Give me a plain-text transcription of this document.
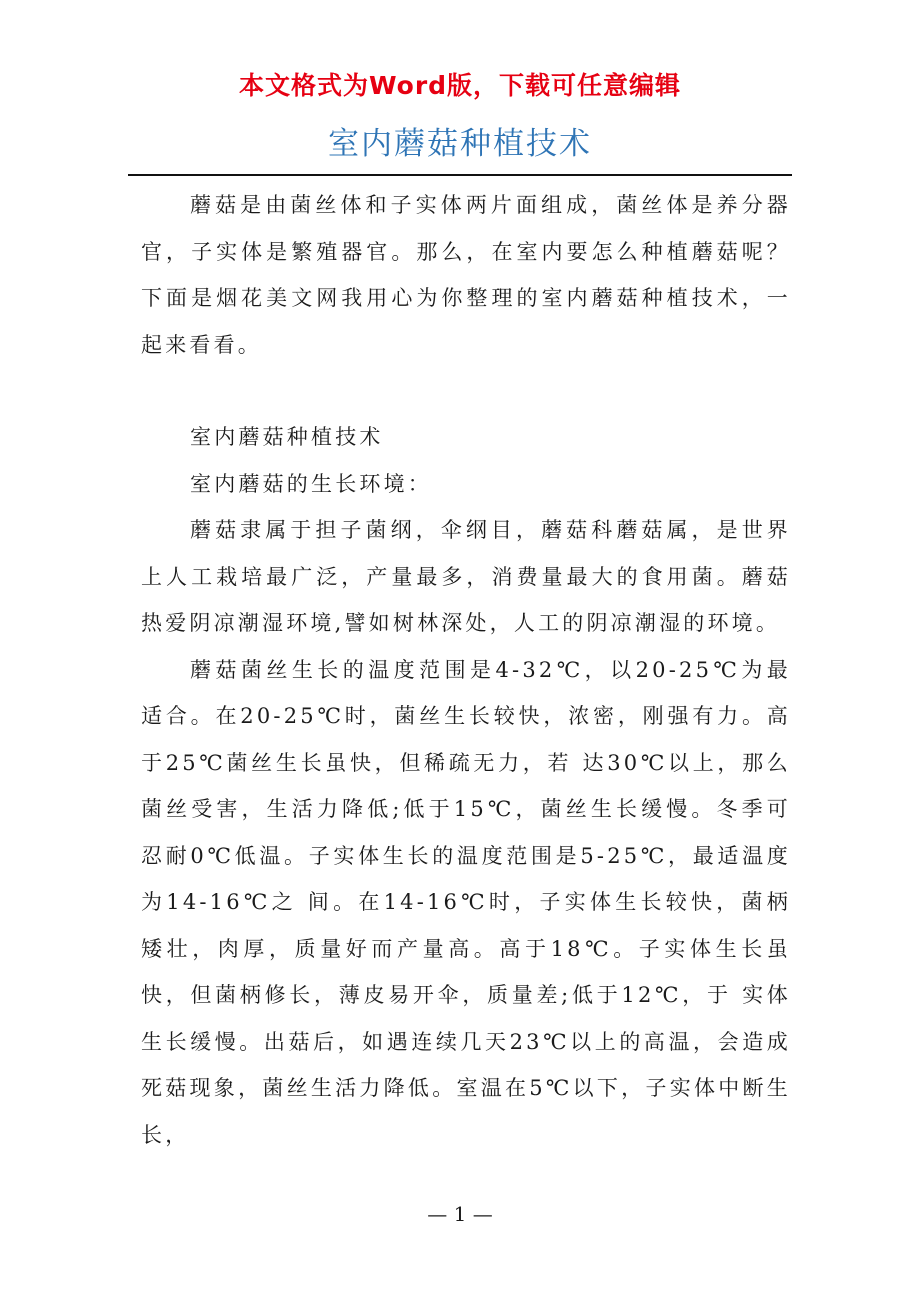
本文格式为Word版，下载可任意编辑
室内蘑菇种植技术

蘑菇是由菌丝体和子实体两片面组成，菌丝体是养分器官，子实体是繁殖器官。那么，在室内要怎么种植蘑菇呢？下面是烟花美文网我用心为你整理的室内蘑菇种植技术，一起来看看。

室内蘑菇种植技术

室内蘑菇的生长环境：

蘑菇隶属于担子菌纲，伞纲目，蘑菇科蘑菇属，是世界上人工栽培最广泛，产量最多，消费量最大的食用菌。蘑菇热爱阴凉潮湿环境,譬如树林深处，人工的阴凉潮湿的环境。

蘑菇菌丝生长的温度范围是4-32℃，以20-25℃为最适合。在20-25℃时，菌丝生长较快，浓密，刚强有力。高于25℃菌丝生长虽快，但稀疏无力，若 达30℃以上，那么菌丝受害，生活力降低;低于15℃，菌丝生长缓慢。冬季可忍耐0℃低温。子实体生长的温度范围是5-25℃，最适温度为14-16℃之 间。在14-16℃时，子实体生长较快，菌柄矮壮，肉厚，质量好而产量高。高于18℃。子实体生长虽快，但菌柄修长，薄皮易开伞，质量差;低于12℃，于 实体生长缓慢。出菇后，如遇连续几天23℃以上的高温，会造成死菇现象，菌丝生活力降低。室温在5℃以下，子实体中断生长，

— 1 —
